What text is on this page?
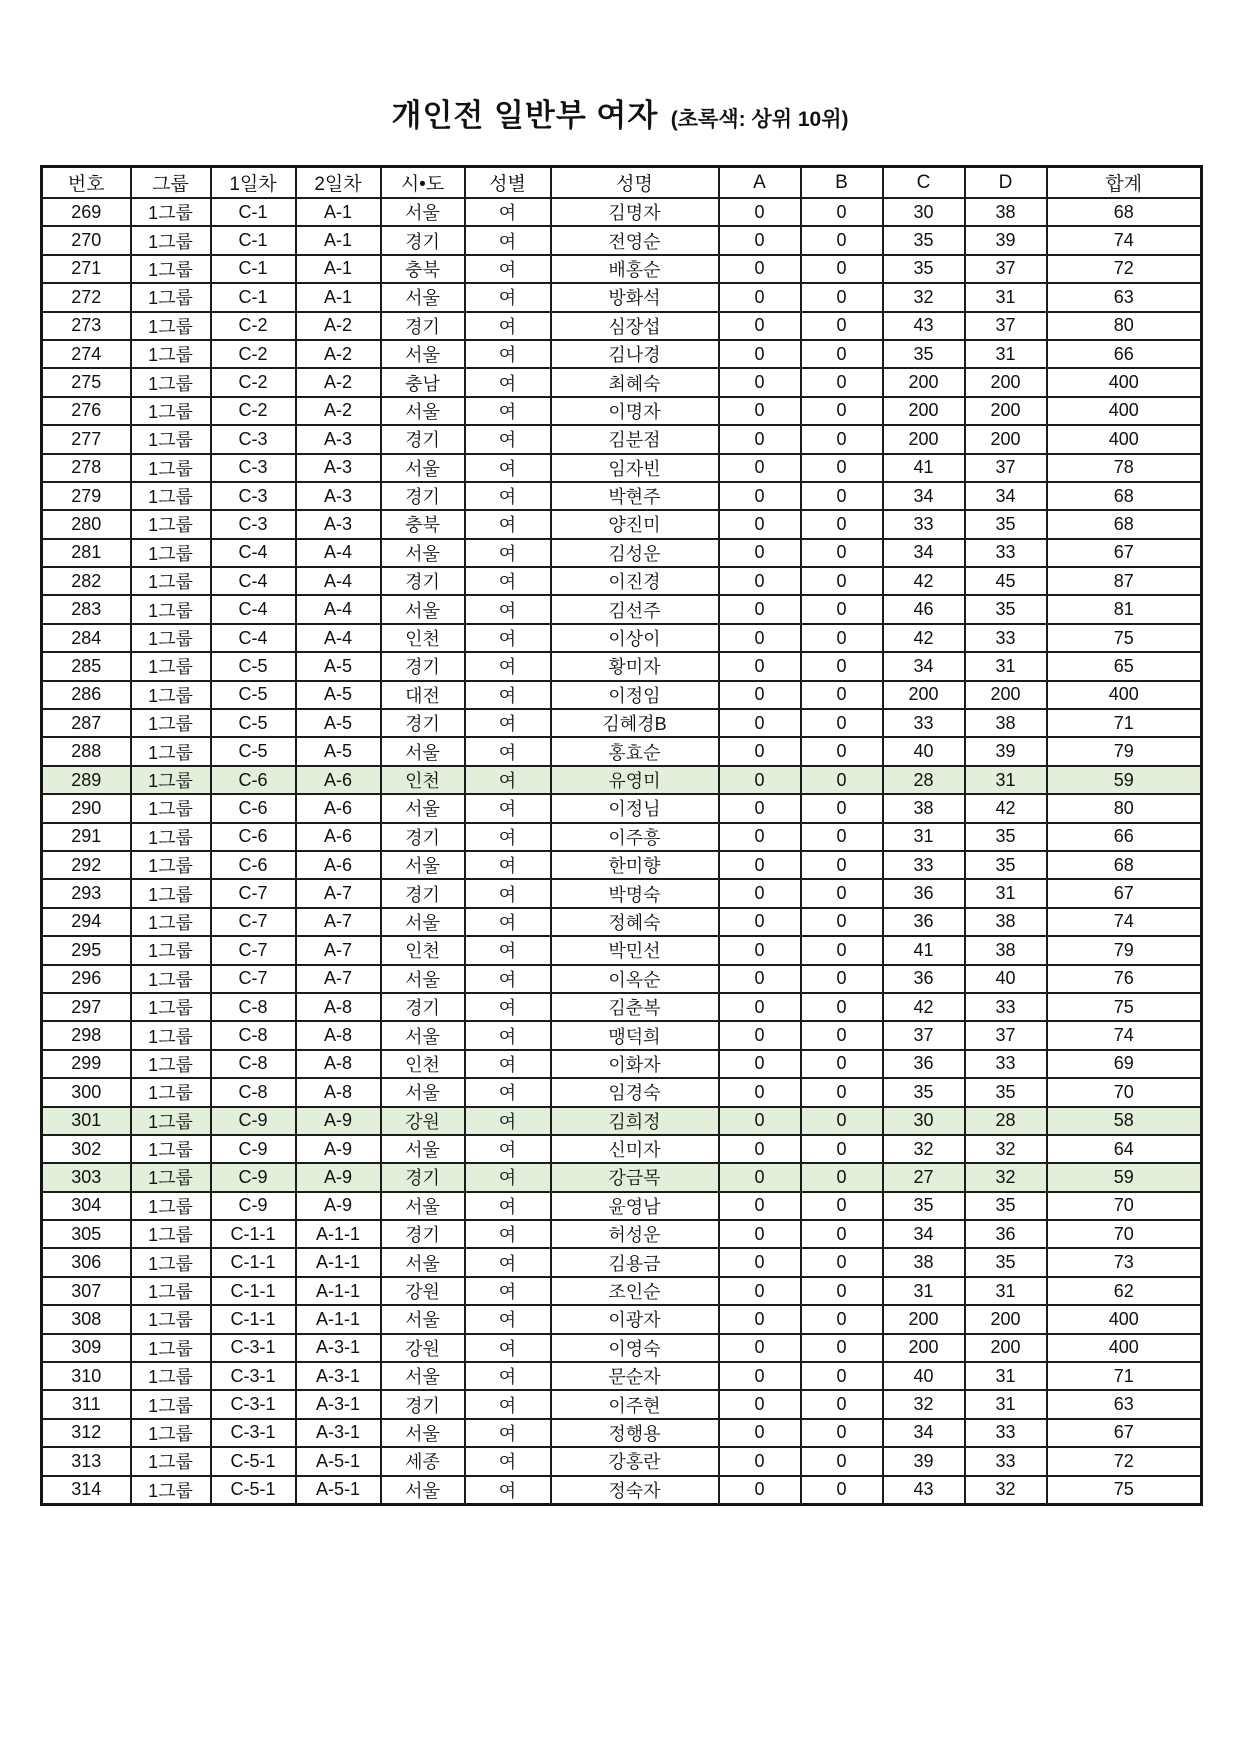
개인전 일반부 여자 (초록색: 상위 10위)
번호	그룹	1일차	2일차	시•도	성별	성명	A	B	C	D	합계
269	1그룹	C-1	A-1	서울	여	김명자	0	0	30	38	68
270	1그룹	C-1	A-1	경기	여	전영순	0	0	35	39	74
271	1그룹	C-1	A-1	충북	여	배홍순	0	0	35	37	72
272	1그룹	C-1	A-1	서울	여	방화석	0	0	32	31	63
273	1그룹	C-2	A-2	경기	여	심장섭	0	0	43	37	80
274	1그룹	C-2	A-2	서울	여	김나경	0	0	35	31	66
275	1그룹	C-2	A-2	충남	여	최혜숙	0	0	200	200	400
276	1그룹	C-2	A-2	서울	여	이명자	0	0	200	200	400
277	1그룹	C-3	A-3	경기	여	김분점	0	0	200	200	400
278	1그룹	C-3	A-3	서울	여	임자빈	0	0	41	37	78
279	1그룹	C-3	A-3	경기	여	박현주	0	0	34	34	68
280	1그룹	C-3	A-3	충북	여	양진미	0	0	33	35	68
281	1그룹	C-4	A-4	서울	여	김성운	0	0	34	33	67
282	1그룹	C-4	A-4	경기	여	이진경	0	0	42	45	87
283	1그룹	C-4	A-4	서울	여	김선주	0	0	46	35	81
284	1그룹	C-4	A-4	인천	여	이상이	0	0	42	33	75
285	1그룹	C-5	A-5	경기	여	황미자	0	0	34	31	65
286	1그룹	C-5	A-5	대전	여	이정임	0	0	200	200	400
287	1그룹	C-5	A-5	경기	여	김혜경B	0	0	33	38	71
288	1그룹	C-5	A-5	서울	여	홍효순	0	0	40	39	79
289	1그룹	C-6	A-6	인천	여	유영미	0	0	28	31	59
290	1그룹	C-6	A-6	서울	여	이정님	0	0	38	42	80
291	1그룹	C-6	A-6	경기	여	이주흥	0	0	31	35	66
292	1그룹	C-6	A-6	서울	여	한미향	0	0	33	35	68
293	1그룹	C-7	A-7	경기	여	박명숙	0	0	36	31	67
294	1그룹	C-7	A-7	서울	여	정혜숙	0	0	36	38	74
295	1그룹	C-7	A-7	인천	여	박민선	0	0	41	38	79
296	1그룹	C-7	A-7	서울	여	이옥순	0	0	36	40	76
297	1그룹	C-8	A-8	경기	여	김춘복	0	0	42	33	75
298	1그룹	C-8	A-8	서울	여	맹덕희	0	0	37	37	74
299	1그룹	C-8	A-8	인천	여	이화자	0	0	36	33	69
300	1그룹	C-8	A-8	서울	여	임경숙	0	0	35	35	70
301	1그룹	C-9	A-9	강원	여	김희정	0	0	30	28	58
302	1그룹	C-9	A-9	서울	여	신미자	0	0	32	32	64
303	1그룹	C-9	A-9	경기	여	강금목	0	0	27	32	59
304	1그룹	C-9	A-9	서울	여	윤영남	0	0	35	35	70
305	1그룹	C-1-1	A-1-1	경기	여	허성운	0	0	34	36	70
306	1그룹	C-1-1	A-1-1	서울	여	김용금	0	0	38	35	73
307	1그룹	C-1-1	A-1-1	강원	여	조인순	0	0	31	31	62
308	1그룹	C-1-1	A-1-1	서울	여	이광자	0	0	200	200	400
309	1그룹	C-3-1	A-3-1	강원	여	이영숙	0	0	200	200	400
310	1그룹	C-3-1	A-3-1	서울	여	문순자	0	0	40	31	71
311	1그룹	C-3-1	A-3-1	경기	여	이주현	0	0	32	31	63
312	1그룹	C-3-1	A-3-1	서울	여	정행용	0	0	34	33	67
313	1그룹	C-5-1	A-5-1	세종	여	강홍란	0	0	39	33	72
314	1그룹	C-5-1	A-5-1	서울	여	정숙자	0	0	43	32	75
